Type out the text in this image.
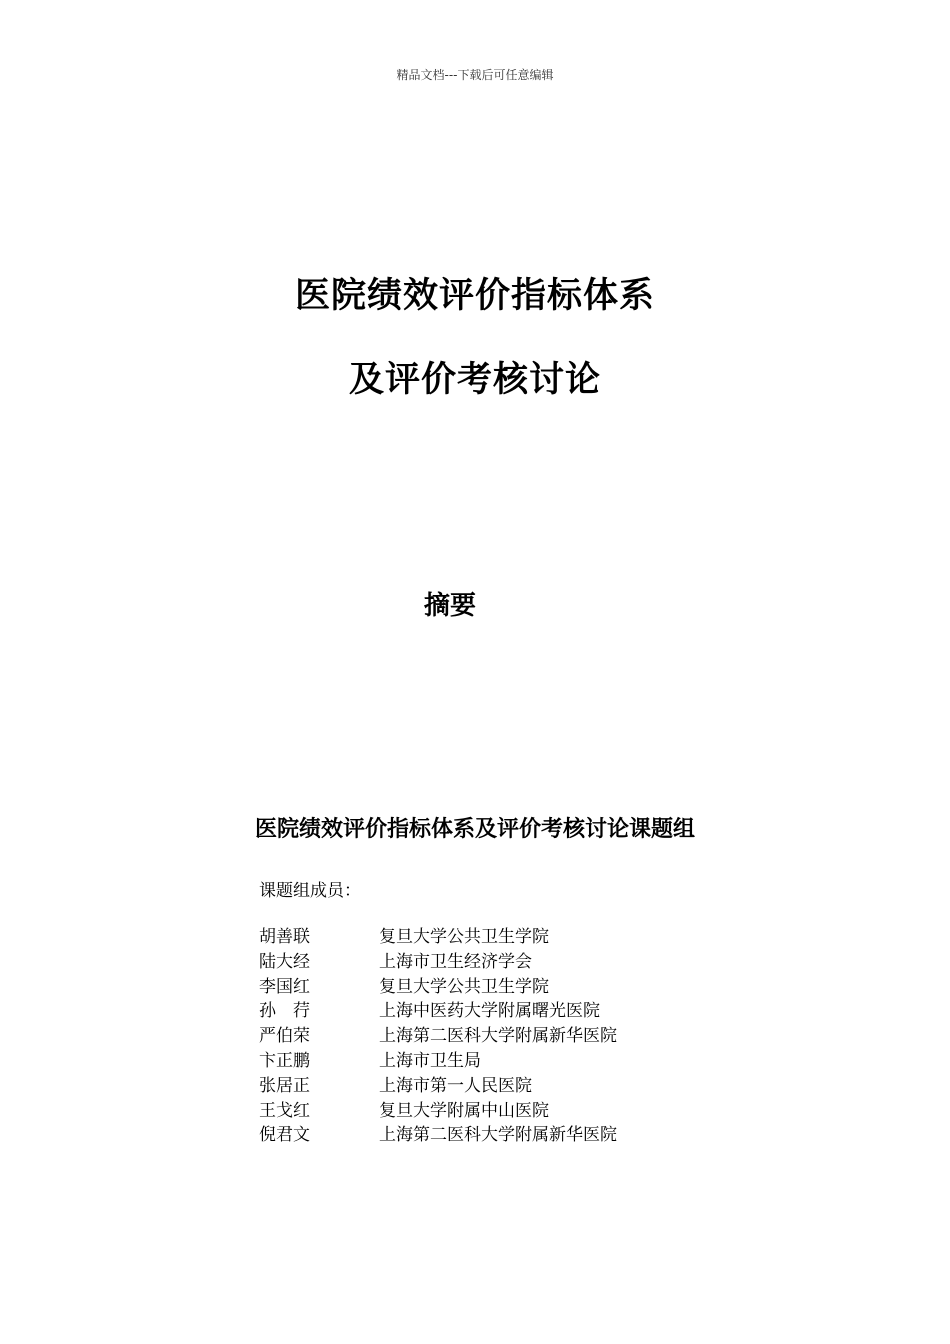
精品文档---下载后可任意编辑
医院绩效评价指标体系
及评价考核讨论
摘要
医院绩效评价指标体系及评价考核讨论课题组
课题组成员：
胡善联	复旦大学公共卫生学院
陆大经	上海市卫生经济学会
李国红	复旦大学公共卫生学院
孙　荇	上海中医药大学附属曙光医院
严伯荣	上海第二医科大学附属新华医院
卞正鹏	上海市卫生局
张居正	上海市第一人民医院
王戈红	复旦大学附属中山医院
倪君文	上海第二医科大学附属新华医院
